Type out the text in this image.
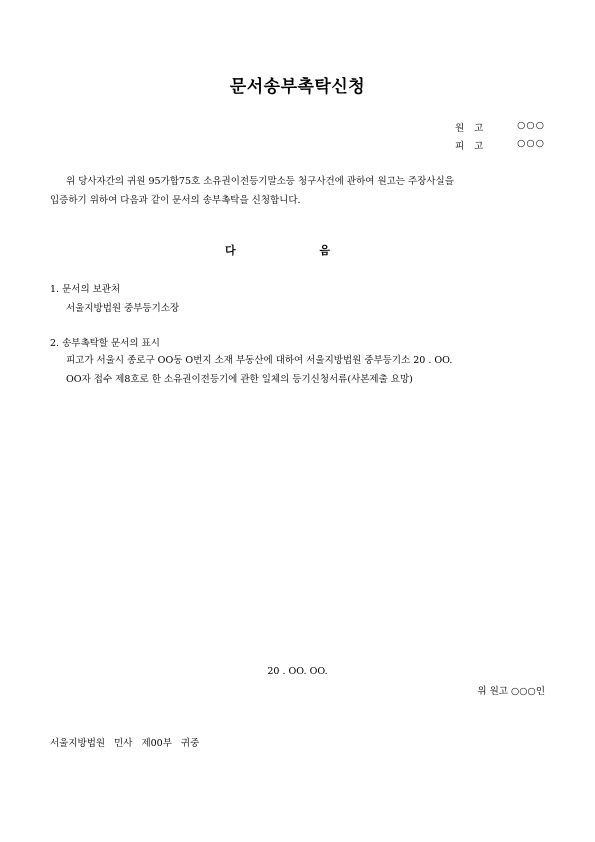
문서송부촉탁신청
원고	○○○
피고	○○○
위 당사자간의 귀원 95가합75호 소유권이전등기말소등 청구사건에 관하여 원고는 주장사실을
입증하기 위하여 다음과 같이 문서의 송부촉탁을 신청합니다.
다 음
1. 문서의 보관처
서울지방법원 중부등기소장
2. 송부촉탁할 문서의 표시
피고가 서울시 종로구 OO동 O번지 소재 부동산에 대하여 서울지방법원 중부등기소 20 . OO.
OO자 접수 제8호로 한 소유권이전등기에 관한 일체의 등기신청서류(사본제출 요망)
20 . OO. OO.
위 원고 ○○○인
서울지방법원 민사 제00부 귀중
